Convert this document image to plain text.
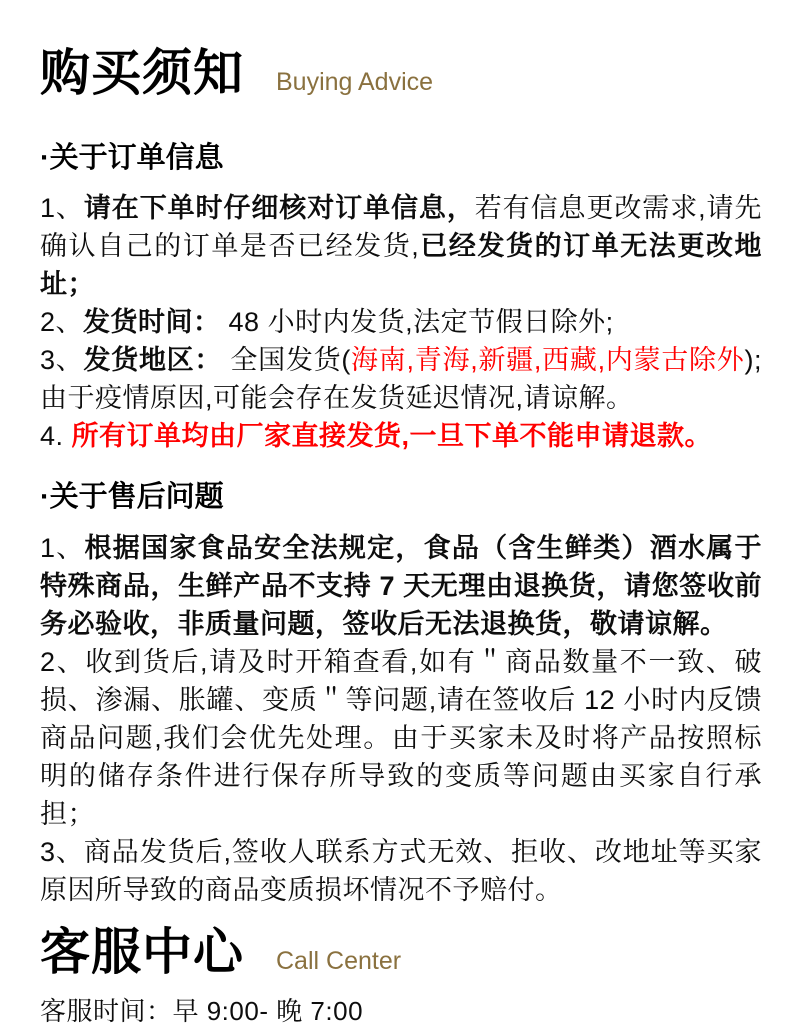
购买须知 Buying Advice
·关于订单信息

1、请在下单时仔细核对订单信息，若有信息更改需求,请先确认自己的订单是否已经发货,已经发货的订单无法更改地址；

2、发货时间： 48 小时内发货,法定节假日除外;

3、发货地区： 全国发货(海南,青海,新疆,西藏,内蒙古除外);由于疫情原因,可能会存在发货延迟情况,请谅解。

4. 所有订单均由厂家直接发货,一旦下单不能申请退款。

·关于售后问题

1、根据国家食品安全法规定，食品（含生鲜类）酒水属于特殊商品，生鲜产品不支持 7 天无理由退换货，请您签收前务必验收，非质量问题，签收后无法退换货，敬请谅解。

2、收到货后,请及时开箱查看,如有＂商品数量不一致、破损、渗漏、胀罐、变质＂等问题,请在签收后 12 小时内反馈商品问题,我们会优先处理。由于买家未及时将产品按照标明的储存条件进行保存所导致的变质等问题由买家自行承担；

3、商品发货后,签收人联系方式无效、拒收、改地址等买家原因所导致的商品变质损坏情况不予赔付。

客服中心 Call Center
客服时间：早 9:00- 晚 7:00
